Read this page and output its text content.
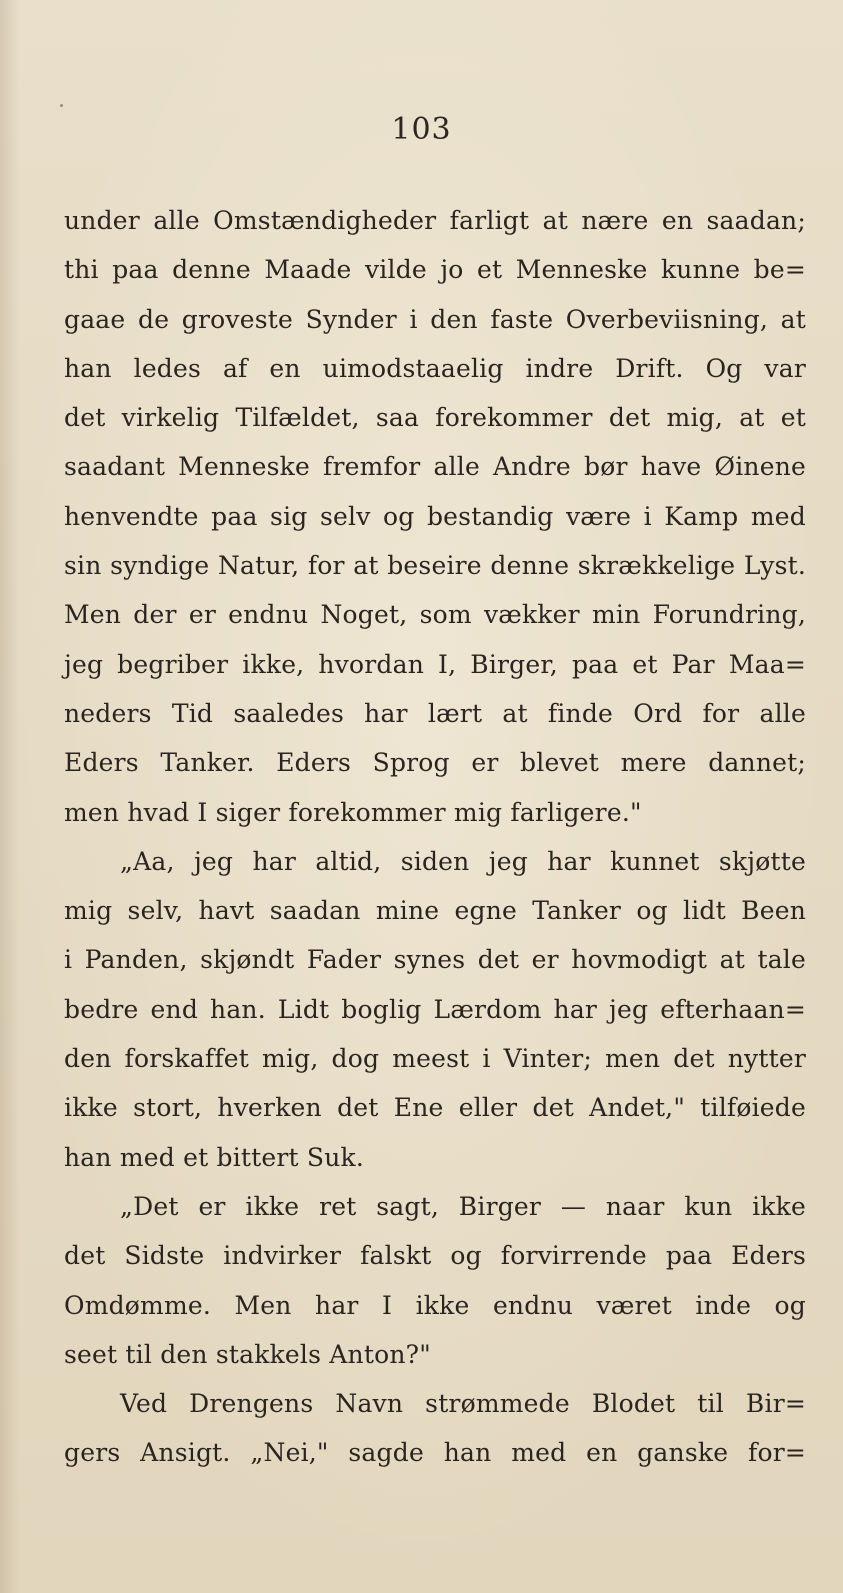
103
under alle Omstændigheder farligt at nære en saadan;
thi paa denne Maade vilde jo et Menneske kunne be=
gaae de groveste Synder i den faste Overbeviisning, at
han ledes af en uimodstaaelig indre Drift. Og var
det virkelig Tilfældet, saa forekommer det mig, at et
saadant Menneske fremfor alle Andre bør have Øinene
henvendte paa sig selv og bestandig være i Kamp med
sin syndige Natur, for at beseire denne skrækkelige Lyst.
Men der er endnu Noget, som vækker min Forundring,
jeg begriber ikke, hvordan I, Birger, paa et Par Maa=
neders Tid saaledes har lært at finde Ord for alle
Eders Tanker. Eders Sprog er blevet mere dannet;
men hvad I siger forekommer mig farligere."
„Aa, jeg har altid, siden jeg har kunnet skjøtte
mig selv, havt saadan mine egne Tanker og lidt Been
i Panden, skjøndt Fader synes det er hovmodigt at tale
bedre end han. Lidt boglig Lærdom har jeg efterhaan=
den forskaffet mig, dog meest i Vinter; men det nytter
ikke stort, hverken det Ene eller det Andet," tilføiede
han med et bittert Suk.
„Det er ikke ret sagt, Birger — naar kun ikke
det Sidste indvirker falskt og forvirrende paa Eders
Omdømme. Men har I ikke endnu været inde og
seet til den stakkels Anton?"
Ved Drengens Navn strømmede Blodet til Bir=
gers Ansigt. „Nei," sagde han med en ganske for=
